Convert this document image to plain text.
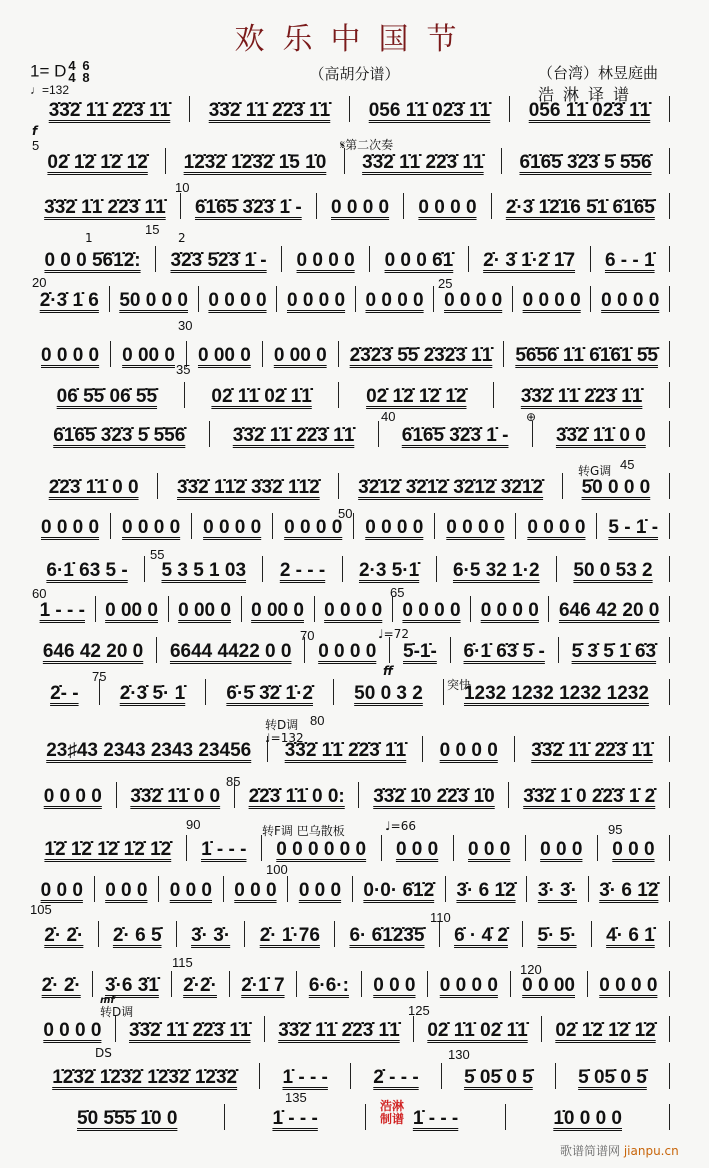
欢乐中国节
1= D 4
4 6
8
♩=132
（高胡分谱）	（台湾）林昱庭曲
浩淋译谱
3̇3̇2̇ 1̇1̇ 2̇2̇3̇ 1̇1̇	3̇3̇2̇ 1̇1̇ 2̇2̇3̇ 1̇1̇	056 1̇1̇ 02̇3̇ 1̇1̇	056 1̇1̇ 02̇3̇ 1̇1̇
02̇ 1̇2̇ 1̇2̇ 1̇2̇	1̇2̇3̇2̇ 1̇2̇3̇2̇ 1̇5 1̇0	3̇3̇2̇ 1̇1̇ 2̇2̇3̇ 1̇1̇	6̇1̇6̇5̇ 3̇2̇3̇ 5̇ 5̇5̇6̇
3̇3̇2̇ 1̇1̇ 2̇2̇3̇ 1̇1̇	6̇1̇6̇5̇ 3̇2̇3̇ 1̇ -	0 0 0 0	0 0 0 0	2̇·3̇ 1̇2̇1̇6 5̇1̇ 6̇1̇6̇5̇
0 0 0 5̇6̇1̇2̇:	3̇2̇3̇ 5̇2̇3̇ 1̇ -	0 0 0 0	0 0 0 6̇1̇	2̇· 3̇ 1̇·2̇ 1̇7	6 - - 1̇
2̇·3̇ 1̇ 6	50 0 0 0	0 0 0 0	0 0 0 0	0 0 0 0	0 0 0 0	0 0 0 0	0 0 0 0
0 0 0 0	0 00 0	0 00 0	0 00 0	2̇3̇2̇3̇ 5̇5̇ 2̇3̇2̇3̇ 1̇1̇	5̇6̇5̇6̇ 1̇1̇ 6̇1̇6̇1̇ 5̇5̇
06̇ 5̇5̇ 06̇ 5̇5̇	02̇ 1̇1̇ 02̇ 1̇1̇	02̇ 1̇2̇ 1̇2̇ 1̇2̇	3̇3̇2̇ 1̇1̇ 2̇2̇3̇ 1̇1̇
6̇1̇6̇5̇ 3̇2̇3̇ 5̇ 5̇5̇6̇	3̇3̇2̇ 1̇1̇ 2̇2̇3̇ 1̇1̇	6̇1̇6̇5̇ 3̇2̇3̇ 1̇ -	3̇3̇2̇ 1̇1̇ 0 0
2̇2̇3̇ 1̇1̇ 0 0	3̇3̇2̇ 1̇1̇2̇ 3̇3̇2̇ 1̇1̇2̇	3̇2̇1̇2̇ 3̇2̇1̇2̇ 3̇2̇1̇2̇ 3̇2̇1̇2̇	5̇0 0 0 0
0 0 0 0	0 0 0 0	0 0 0 0	0 0 0 0	0 0 0 0	0 0 0 0	0 0 0 0	5 - 1̇ -
6·1̇ 63 5 -	5 3 5 1 03	2 - - -	2·3 5·1̇	6·5 32 1·2	50 0 53 2
1 - - -	0 00 0	0 00 0	0 00 0	0 0 0 0	0 0 0 0	0 0 0 0	646 42 20 0
646 42 20 0	6644 4422 0 0	0 0 0 0	5̇-1̇-	6̇·1̇ 6̇3̇ 5̇ -	5̇ 3̇ 5̇ 1̇ 6̇3̇
2̇- -	2̇·3̇ 5̇· 1̇	6̇·5̇ 3̇2̇ 1̇·2̇	50 0 3 2	1232 1232 1232 1232
23♯43 2343 2343 23456	3̇3̇2̇ 1̇1̇ 2̇2̇3̇ 1̇1̇	0 0 0 0	3̇3̇2̇ 1̇1̇ 2̇2̇3̇ 1̇1̇
0 0 0 0	3̇3̇2̇ 1̇1̇ 0 0	2̇2̇3̇ 1̇1̇ 0 0:	3̇3̇2̇ 1̇0 2̇2̇3̇ 1̇0	3̇3̇2̇ 1̇ 0 2̇2̇3̇ 1̇ 2̇
1̇2̇ 1̇2̇ 1̇2̇ 1̇2̇ 1̇2̇	1̇ - - -	0 0 0 0 0 0	0 0 0	0 0 0	0 0 0	0 0 0
0 0 0	0 0 0	0 0 0	0 0 0	0 0 0	0·0· 6̇1̇2̇	3̇· 6 1̇2̇	3̇· 3̇·	3̇· 6 1̇2̇
2̇· 2̇·	2̇· 6 5̇	3̇· 3̇·	2̇· 1̇·76	6· 6̇1̇2̇3̇5̇	6̇ · 4̇ 2̇	5̇· 5̇·	4̇· 6 1̇
2̇· 2̇·	3̇·6 3̇1̇	2̇·2̇·	2̇·1̇ 7	6·6·:	0 0 0	0 0 0 0	0 0 00	0 0 0 0
0 0 0 0	3̇3̇2̇ 1̇1̇ 2̇2̇3̇ 1̇1̇	3̇3̇2̇ 1̇1̇ 2̇2̇3̇ 1̇1̇	02̇ 1̇1̇ 02̇ 1̇1̇	02̇ 1̇2̇ 1̇2̇ 1̇2̇
1̇2̇3̇2̇ 1̇2̇3̇2̇ 1̇2̇3̇2̇ 1̇2̇3̇2̇	1̇ - - -	2̇ - - -	5̇ 05̇ 0 5̇	5̇ 05̇ 0 5̇
5̇0 5̇5̇5̇ 1̇0 0	1̇ - - -	1̇ - - -	1̇0 0 0 0
𝄋第二次奏
1	2
转G调
突快
转D调
♩=132
♩=72
转F调 巴乌散板	♩=66
转D调
DS
⊕
f
ff
mf
5
10
15
20	25
30
35
40
45
50
55
60	65
70
75
80
85
90	95
100
105
110
115	120
125
130
135
浩淋
制谱
歌谱简谱网 jianpu.cn
